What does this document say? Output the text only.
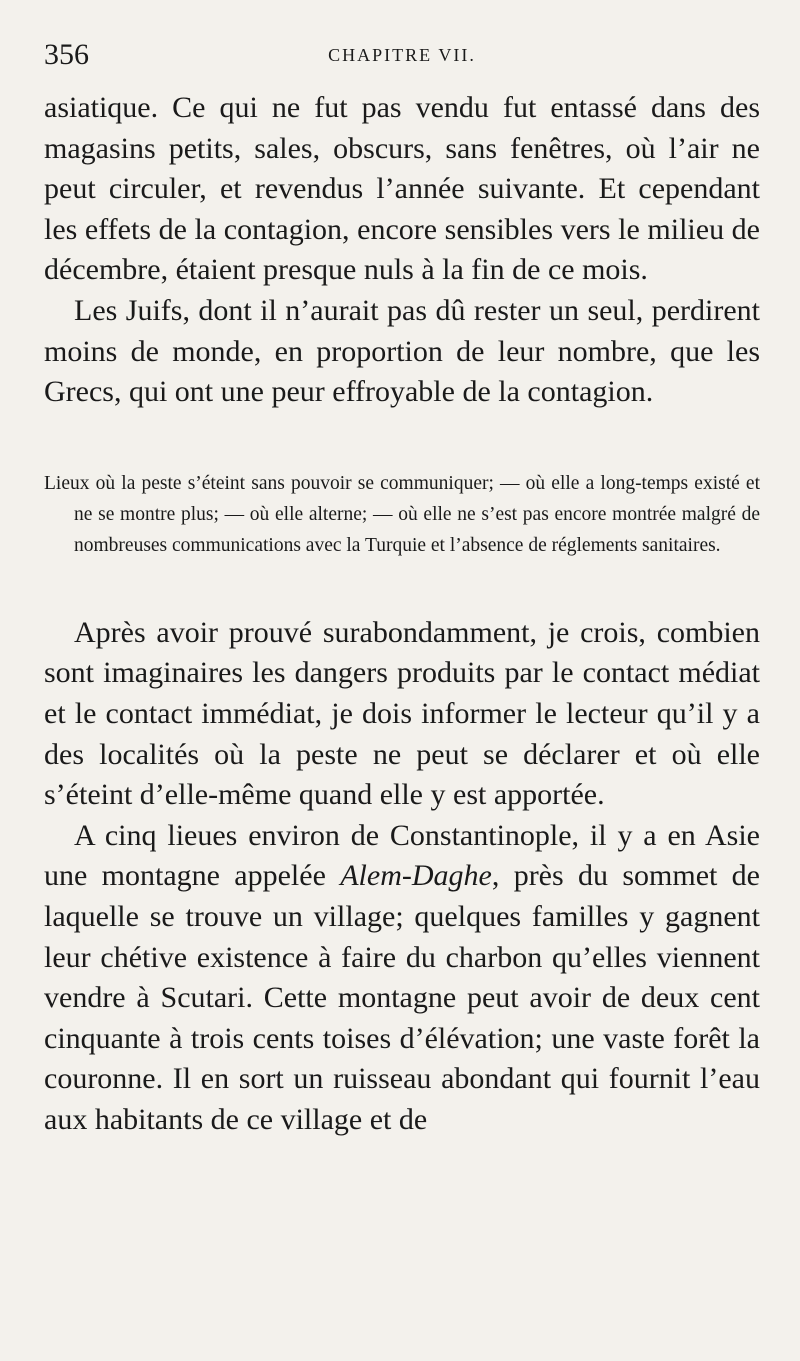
356	CHAPITRE VII.

asiatique. Ce qui ne fut pas vendu fut entassé dans des magasins petits, sales, obscurs, sans fenêtres, où l’air ne peut circuler, et revendus l’année suivante. Et cependant les effets de la contagion, encore sensibles vers le milieu de décembre, étaient presque nuls à la fin de ce mois.

Les Juifs, dont il n’aurait pas dû rester un seul, perdirent moins de monde, en proportion de leur nombre, que les Grecs, qui ont une peur effroyable de la contagion.

Lieux où la peste s’éteint sans pouvoir se communiquer; — où elle a long-temps existé et ne se montre plus; — où elle alterne; — où elle ne s’est pas encore montrée malgré de nombreuses communications avec la Turquie et l’absence de réglements sanitaires.

Après avoir prouvé surabondamment, je crois, combien sont imaginaires les dangers produits par le contact médiat et le contact immédiat, je dois informer le lecteur qu’il y a des localités où la peste ne peut se déclarer et où elle s’éteint d’elle-même quand elle y est apportée.

A cinq lieues environ de Constantinople, il y a en Asie une montagne appelée Alem-Daghe, près du sommet de laquelle se trouve un village; quelques familles y gagnent leur chétive existence à faire du charbon qu’elles viennent vendre à Scutari. Cette montagne peut avoir de deux cent cinquante à trois cents toises d’élévation; une vaste forêt la couronne. Il en sort un ruisseau abondant qui fournit l’eau aux habitants de ce village et de
